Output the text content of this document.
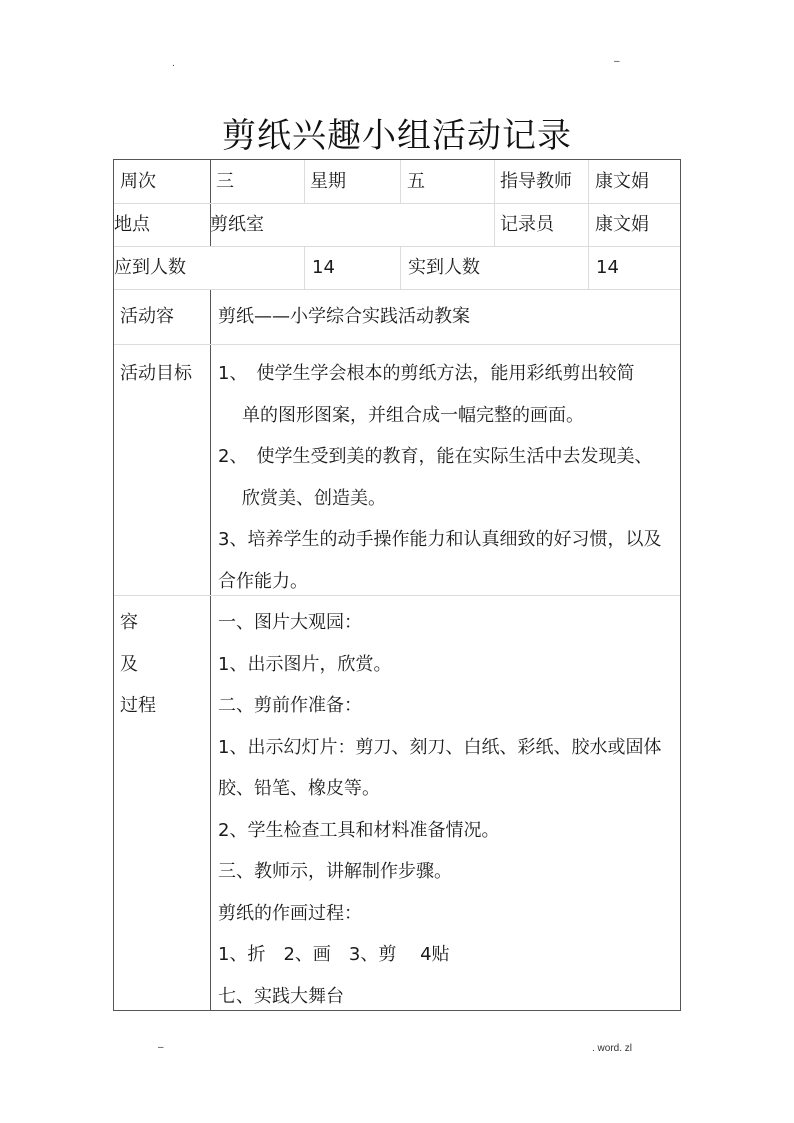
.	–
剪纸兴趣小组活动记录
周次	三	星期	五	指导教师 康文娟
地点	剪纸室	记录员 康文娟
应到人数	14	实到人数	14
活动容 剪纸——小学综合实践活动教案
活动目标 1、　使学生学会根本的剪纸方法，能用彩纸剪出较简
单的图形图案，并组合成一幅完整的画面。
2、　使学生受到美的教育，能在实际生活中去发现美、
欣赏美、创造美。
3、培养学生的动手操作能力和认真细致的好习惯，以及
合作能力。
容
及
过程
一、图片大观园：
1、出示图片，欣赏。
二、剪前作准备：
1、出示幻灯片：剪刀、刻刀、白纸、彩纸、胶水或固体
胶、铅笔、橡皮等。
2、学生检查工具和材料准备情况。
三、教师示，讲解制作步骤。
剪纸的作画过程：
1、折　2、画　3、剪　 4贴
七、实践大舞台
–	. word. zl
